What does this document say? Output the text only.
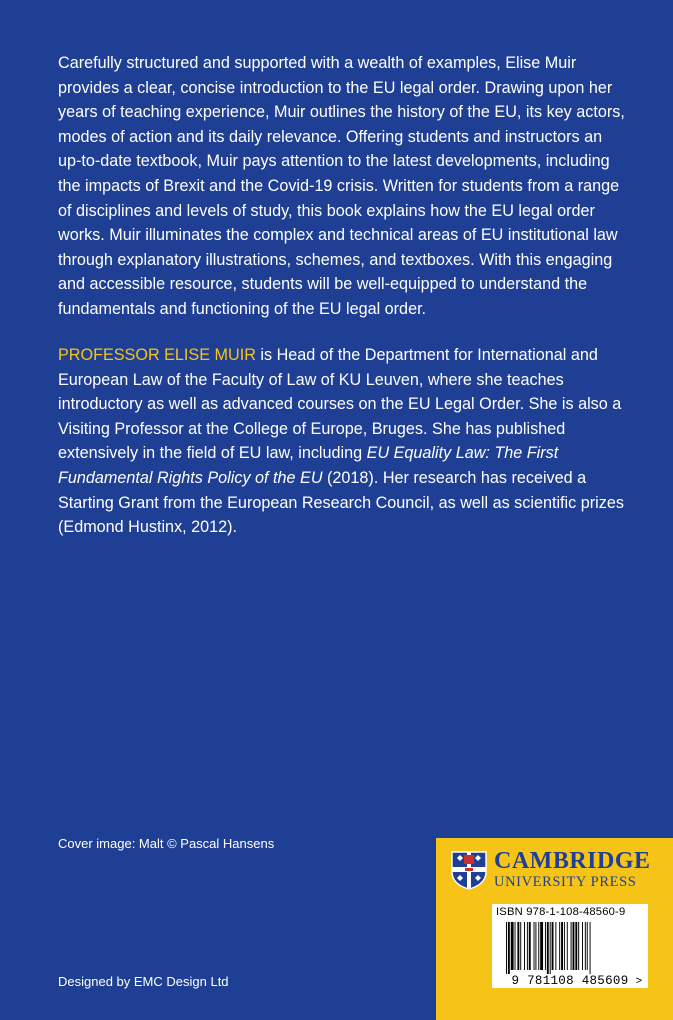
Carefully structured and supported with a wealth of examples, Elise Muir provides a clear, concise introduction to the EU legal order. Drawing upon her years of teaching experience, Muir outlines the history of the EU, its key actors, modes of action and its daily relevance. Offering students and instructors an up-to-date textbook, Muir pays attention to the latest developments, including the impacts of Brexit and the Covid-19 crisis. Written for students from a range of disciplines and levels of study, this book explains how the EU legal order works. Muir illuminates the complex and technical areas of EU institutional law through explanatory illustrations, schemes, and textboxes. With this engaging and accessible resource, students will be well-equipped to understand the fundamentals and functioning of the EU legal order.

PROFESSOR ELISE MUIR is Head of the Department for International and European Law of the Faculty of Law of KU Leuven, where she teaches introductory as well as advanced courses on the EU Legal Order. She is also a Visiting Professor at the College of Europe, Bruges. She has published extensively in the field of EU law, including EU Equality Law: The First Fundamental Rights Policy of the EU (2018). Her research has received a Starting Grant from the European Research Council, as well as scientific prizes (Edmond Hustinx, 2012).

Cover image: Malt © Pascal Hansens
Designed by EMC Design Ltd
CAMBRIDGE
UNIVERSITY PRESS
ISBN 978-1-108-48560-9
9 781108 485609 >
